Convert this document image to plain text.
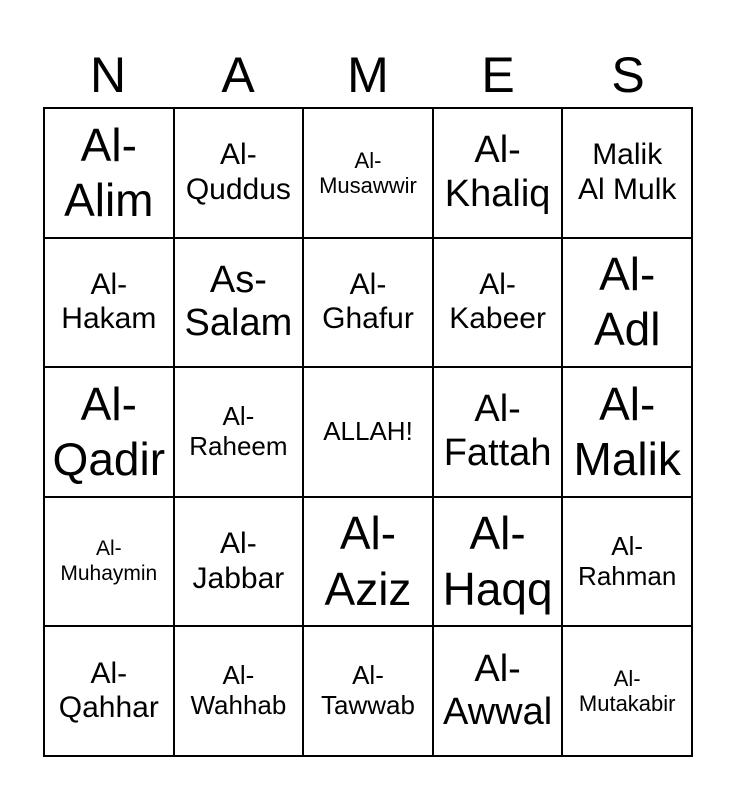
N	A	M	E	S
Al-
Alim
Al-
Quddus
Al-
Musawwir
Al-
Khaliq
Malik
Al Mulk
Al-
Hakam
As-
Salam
Al-
Ghafur
Al-
Kabeer
Al-
Adl
Al-
Qadir
Al-
Raheem ALLAH!
Al-
Fattah
Al-
Malik
Al-
Muhaymin
Al-
Jabbar
Al-
Aziz
Al-
Haqq
Al-
Rahman
Al-
Qahhar
Al-
Wahhab
Al-
Tawwab
Al-
Awwal
Al-
Mutakabir
